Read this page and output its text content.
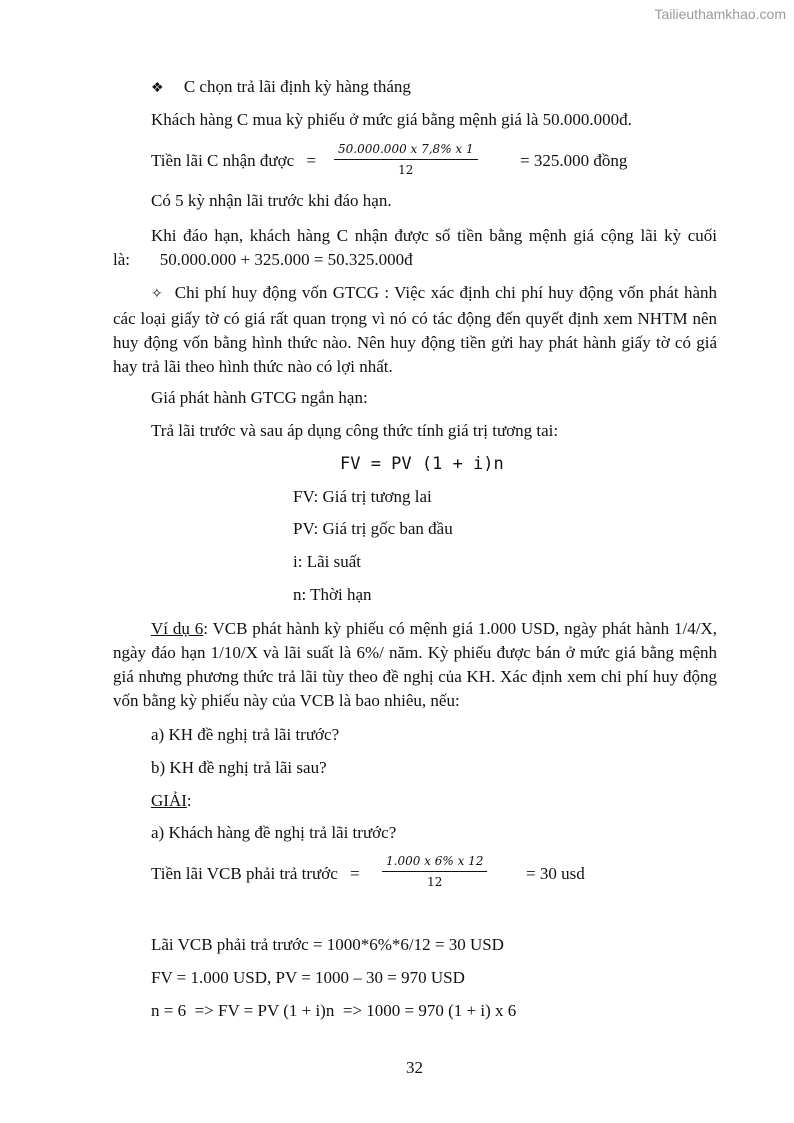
Tailieuthamkhao.com
❖ C chọn trả lãi định kỳ hàng tháng
Khách hàng C mua kỳ phiếu ở mức giá bằng mệnh giá là 50.000.000đ.
Tiền lãi C nhận được = $\frac{50.000.000 x 7,8\% x 1}{12} = 325.000$ đồng
Có 5 kỳ nhận lãi trước khi đáo hạn.
Khi đáo hạn, khách hàng C nhận được số tiền bằng mệnh giá cộng lãi kỳ cuối là:       50.000.000 + 325.000 = 50.325.000đ
✧ Chi phí huy động vốn GTCG : Việc xác định chi phí huy động vốn phát hành các loại giấy tờ có giá rất quan trọng vì nó có tác động đến quyết định xem NHTM nên huy động vốn bằng hình thức nào. Nên huy động tiền gửi hay phát hành giấy tờ có giá hay trả lãi theo hình thức nào có lợi nhất.
Giá phát hành GTCG ngắn hạn:
Trả lãi trước và sau áp dụng công thức tính giá trị tương tai:
FV = PV (1 + i)n
FV: Giá trị tương lai
PV: Giá trị gốc ban đầu
i: Lãi suất
n: Thời hạn
Ví dụ 6: VCB phát hành kỳ phiếu có mệnh giá 1.000 USD, ngày phát hành 1/4/X, ngày đáo hạn 1/10/X và lãi suất là 6%/ năm. Kỳ phiếu được bán ở mức giá bằng mệnh giá nhưng phương thức trả lãi tùy theo đề nghị của KH. Xác định xem chi phí huy động vốn bằng kỳ phiếu này của VCB là bao nhiêu, nếu:
a) KH đề nghị trả lãi trước?
b) KH đề nghị trả lãi sau?
GIẢI:
a) Khách hàng đề nghị trả lãi trước?
Tiền lãi VCB phải trả trước = $\frac{1.000 x 6\% x 12}{12} = 30$ usd
Lãi VCB phải trả trước = 1000*6%*6/12 = 30 USD
FV = 1.000 USD, PV = 1000 – 30 = 970 USD
n = 6  => FV = PV (1 + i)n  => 1000 = 970 (1 + i) x 6
32
